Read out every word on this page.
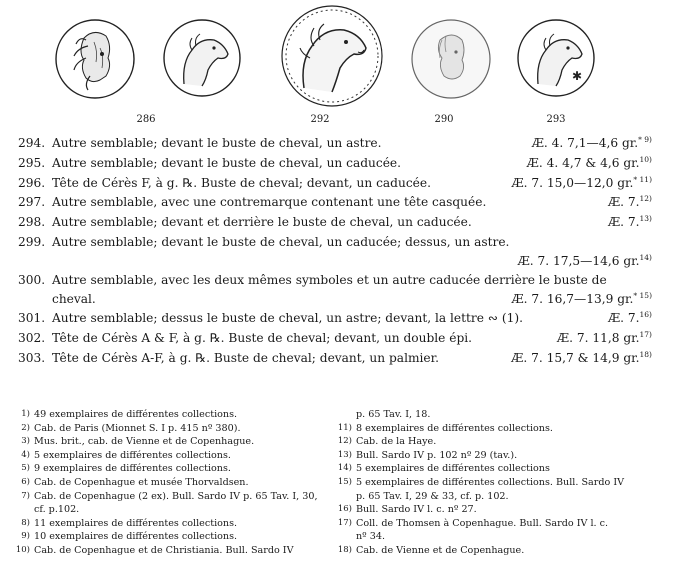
286	292	290
✱
293
294. Autre semblable; devant le buste de cheval, un astre.	Æ. 4. 7,1—4,6 gr.$^{* 9)}$
295. Autre semblable; devant le buste de cheval, un caducée.	Æ. 4. 4,7 & 4,6 gr.$^{10)}$
296. Tête de Cérès F, à g. ℞. Buste de cheval; devant, un caducée.	Æ. 7. 15,0—12,0 gr.$^{* 11)}$
297. Autre semblable, avec une contremarque contenant une tête casquée.	Æ. 7.$^{12)}$
298. Autre semblable; devant et derrière le buste de cheval, un caducée.	Æ. 7.$^{13)}$
299. Autre semblable; devant le buste de cheval, un caducée; dessus, un astre.
Æ. 7. 17,5—14,6 gr.$^{14)}$
300. Autre semblable, avec les deux mêmes symboles et un autre caducée derrière le buste de
cheval.	Æ. 7. 16,7—13,9 gr.$^{* 15)}$
301. Autre semblable; dessus le buste de cheval, un astre; devant, la lettre ∾ (1).	Æ. 7.$^{16)}$
302. Tête de Cérès A & F, à g. ℞. Buste de cheval; devant, un double épi.	Æ. 7. 11,8 gr.$^{17)}$
303. Tête de Cérès A-F, à g. ℞. Buste de cheval; devant, un palmier.	Æ. 7. 15,7 & 14,9 gr.$^{18)}$
1) 49 exemplaires de différentes collections.
2) Cab. de Paris (Mionnet S. I p. 415 nº 380).
3) Mus. brit., cab. de Vienne et de Copenhague.
4) 5 exemplaires de différentes collections.
5) 9 exemplaires de différentes collections.
6) Cab. de Copenhague et musée Thorvaldsen.
7) Cab. de Copenhague (2 ex). Bull. Sardo IV p. 65 Tav. I, 30,
cf. p.102.
8) 11 exemplaires de différentes collections.
9) 10 exemplaires de différentes collections.
10) Cab. de Copenhague et de Christiania. Bull. Sardo IV
p. 65 Tav. I, 18.
11) 8 exemplaires de différentes collections.
12) Cab. de la Haye.
13) Bull. Sardo IV p. 102 nº 29 (tav.).
14) 5 exemplaires de différentes collections
15) 5 exemplaires de différentes collections. Bull. Sardo IV
p. 65 Tav. I, 29 & 33, cf. p. 102.
16) Bull. Sardo IV l. c. nº 27.
17) Coll. de Thomsen à Copenhague. Bull. Sardo IV l. c.
nº 34.
18) Cab. de Vienne et de Copenhague.
